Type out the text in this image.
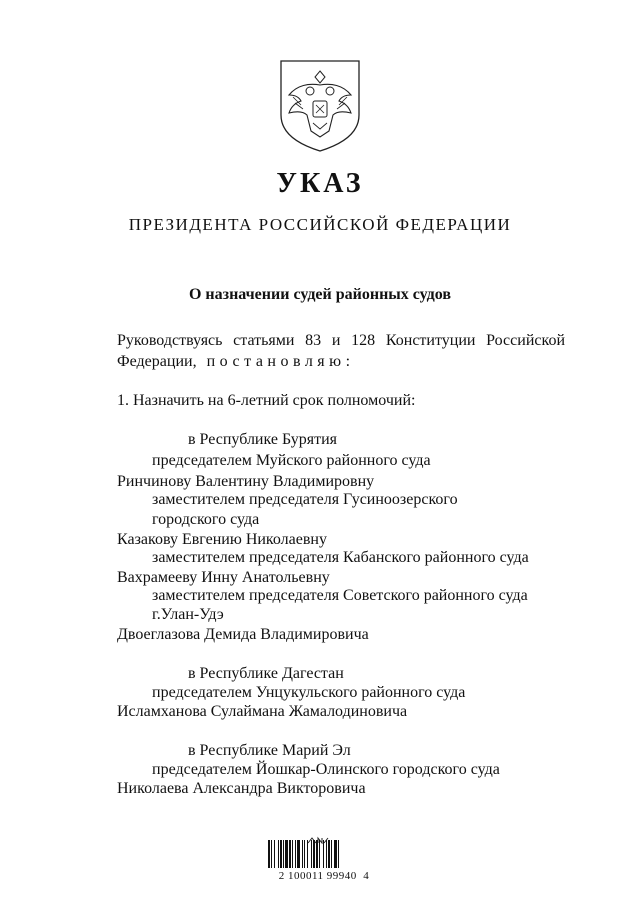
УКАЗ
ПРЕЗИДЕНТА РОССИЙСКОЙ ФЕДЕРАЦИИ
О назначении судей районных судов
Руководствуясь статьями 83 и 128 Конституции Российской
Федерации, постановляю:
1. Назначить на 6-летний срок полномочий:
в Республике Бурятия
председателем Муйского районного суда
Ринчинову Валентину Владимировну
заместителем председателя Гусиноозерского
городского суда
Казакову Евгению Николаевну
заместителем председателя Кабанского районного суда
Вахрамееву Инну Анатольевну
заместителем председателя Советского районного суда
г.Улан-Удэ
Двоеглазова Демида Владимировича
в Республике Дагестан
председателем Унцукульского районного суда
Исламханова Сулаймана Жамалодиновича
в Республике Марий Эл
председателем Йошкар-Олинского городского суда
Николаева Александра Викторовича
2 100011 99940  4
